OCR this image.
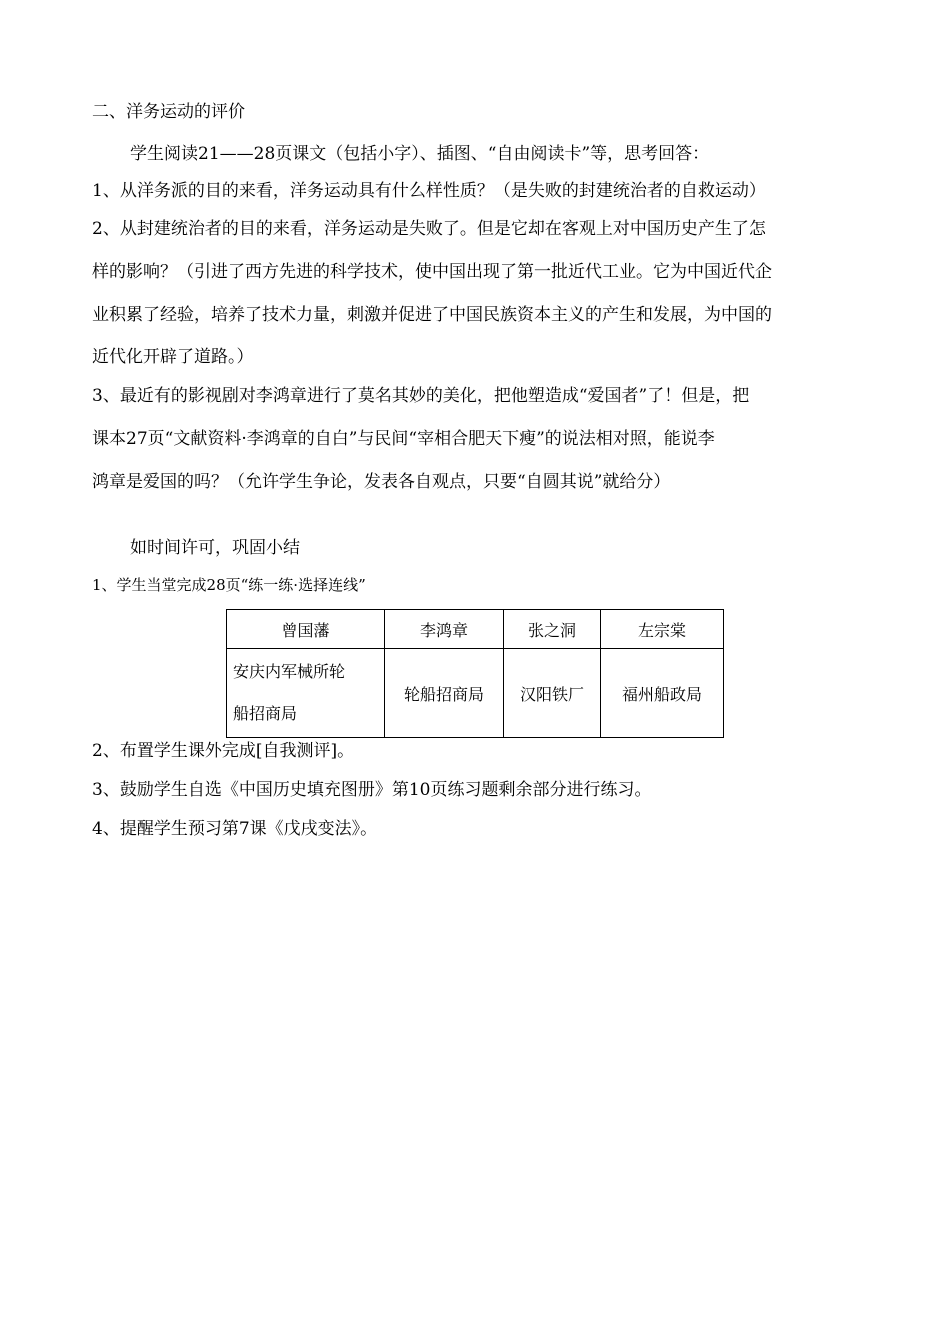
二、洋务运动的评价
学生阅读21——28页课文（包括小字）、插图、“自由阅读卡”等，思考回答：
1、从洋务派的目的来看，洋务运动具有什么样性质？（是失败的封建统治者的自救运动）
2、从封建统治者的目的来看，洋务运动是失败了。但是它却在客观上对中国历史产生了怎
样的影响？（引进了西方先进的科学技术，使中国出现了第一批近代工业。它为中国近代企
业积累了经验，培养了技术力量，刺激并促进了中国民族资本主义的产生和发展，为中国的
近代化开辟了道路。）
3、最近有的影视剧对李鸿章进行了莫名其妙的美化，把他塑造成“爱国者”了！但是，把
课本27页“文献资料·李鸿章的自白”与民间“宰相合肥天下瘦”的说法相对照，能说李
鸿章是爱国的吗？（允许学生争论，发表各自观点，只要“自圆其说”就给分）
如时间许可，巩固小结
1、学生当堂完成28页“练一练·选择连线”
曾国藩	李鸿章	张之洞	左宗棠

安庆内军械所轮
船招商局	轮船招商局	汉阳铁厂	福州船政局
2、布置学生课外完成[自我测评]。
3、鼓励学生自选《中国历史填充图册》第10页练习题剩余部分进行练习。
4、提醒学生预习第7课《戊戌变法》。
